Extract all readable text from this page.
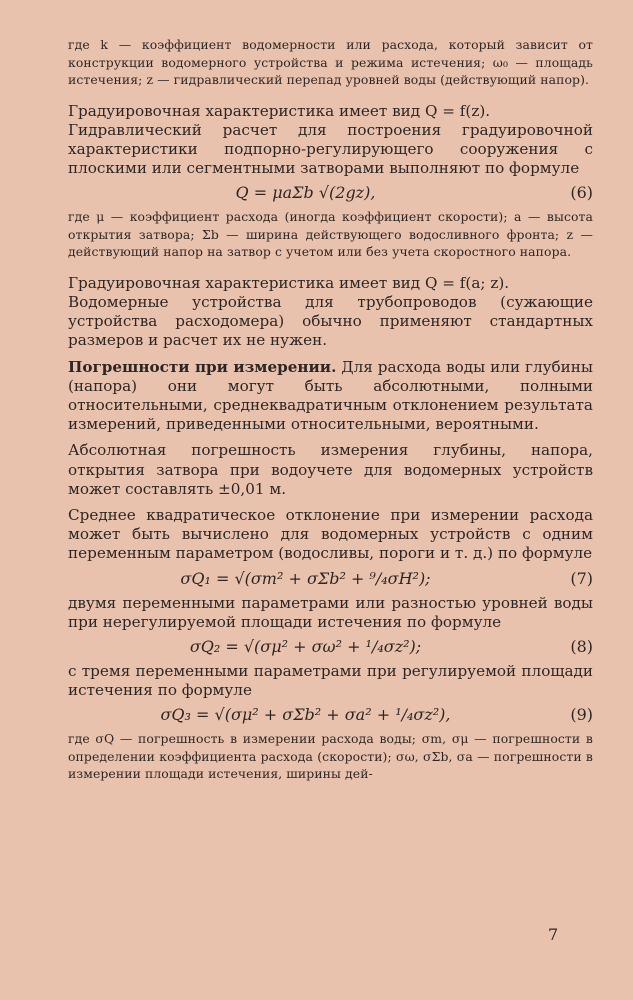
где k — коэффициент водомерности или расхода, который зависит от конструкции водомерного устройства и режима истечения; ω₀ — площадь истечения; z — гидравлический перепад уровней воды (действующий напор).

Градуировочная характеристика имеет вид Q = f(z).

Гидравлический расчет для построения градуировочной характеристики подпорно-регулирующего сооружения с плоскими или сегментными затворами выполняют по формуле

Q = μaΣb √(2gz),	(6)

где μ — коэффициент расхода (иногда коэффициент скорости); a — высота открытия затвора; Σb — ширина действующего водосливного фронта; z — действующий напор на затвор с учетом или без учета скоростного напора.

Градуировочная характеристика имеет вид Q = f(a; z).

Водомерные устройства для трубопроводов (сужающие устройства расходомера) обычно применяют стандартных размеров и расчет их не нужен.

Погрешности при измерении. Для расхода воды или глубины (напора) они могут быть абсолютными, полными относительными, среднеквадратичным отклонением результата измерений, приведенными относительными, вероятными.

Абсолютная погрешность измерения глубины, напора, открытия затвора при водоучете для водомерных устройств может составлять ±0,01 м.

Среднее квадратическое отклонение при измерении расхода может быть вычислено для водомерных устройств с одним переменным параметром (водосливы, пороги и т. д.) по формуле

σQ₁ = √(σm² + σΣb² + ⁹/₄σH²);	(7)

двумя переменными параметрами или разностью уровней воды при нерегулируемой площади истечения по формуле

σQ₂ = √(σμ² + σω² + ¹/₄σz²);	(8)

с тремя переменными параметрами при регулируемой площади истечения по формуле

σQ₃ = √(σμ² + σΣb² + σa² + ¹/₄σz²),	(9)

где σQ — погрешность в измерении расхода воды; σm, σμ — погрешности в определении коэффициента расхода (скорости); σω, σΣb, σa — погрешности в измерении площади истечения, ширины дей-

7
